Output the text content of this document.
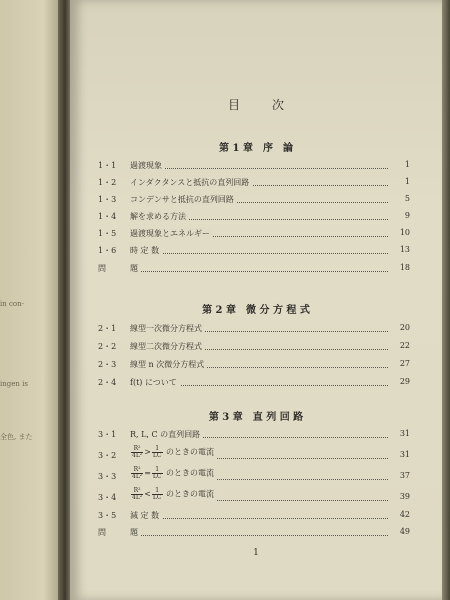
in con-
ingen is
全色, また
目次
第 1 章　序　論
1・1	過渡現象	1
1・2	インダクタンスと抵抗の直列回路	1
1・3	コンデンサと抵抗の直列回路	5
1・4	解を求める方法	9
1・5	過渡現象とエネルギー	10
1・6	時 定 数	13
問	題	18
第 2 章　微 分 方 程 式
2・1	線型一次微分方程式	20
2・2	線型二次微分方程式	22
2・3	線型 n 次微分方程式	27
2・4	f(t) について	29
第 3 章　直 列 回 路
3・1	R, L, C の直列回路	31
3・2	$\frac{\text{R²}}{\text{4L²}} > \frac{1}{LC}$ のときの電流	31
3・3	$\frac{\text{R²}}{\text{4L²}} = \frac{1}{LC}$ のときの電流	37
3・4	$\frac{\text{R²}}{\text{4L²}} < \frac{1}{LC}$ のときの電流	39
3・5	減 定 数	42
問	題	49
1
